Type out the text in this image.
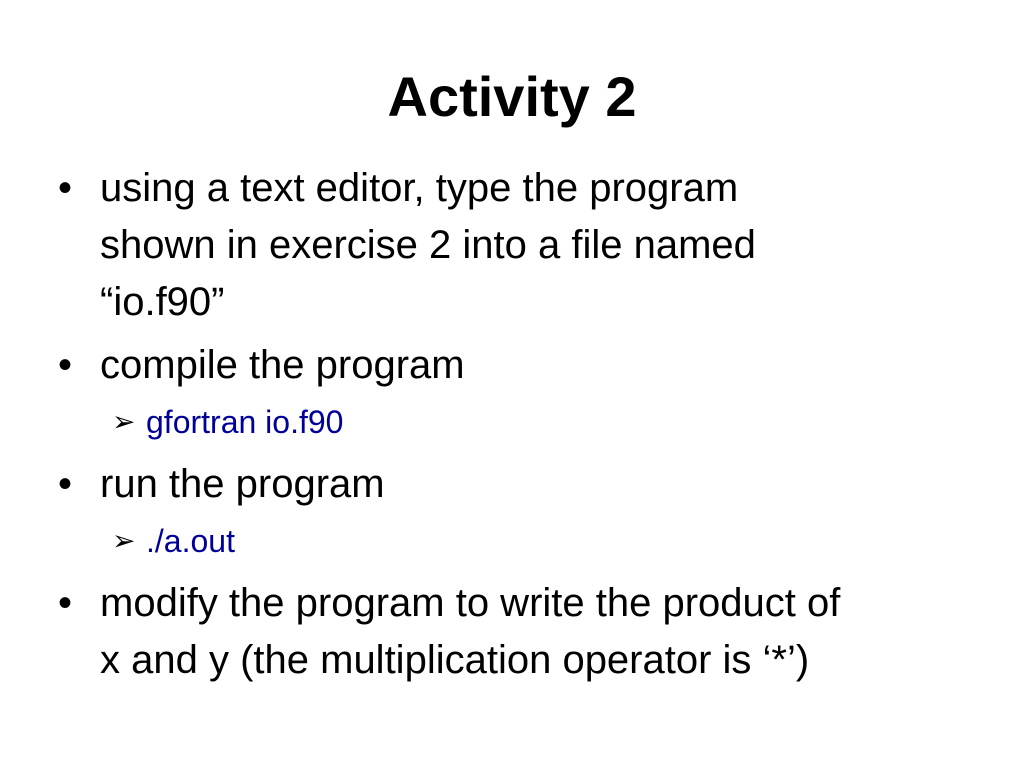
Activity 2
• using a text editor, type the program
shown in exercise 2 into a file named
“io.f90”
• compile the program
➢ gfortran io.f90
• run the program
➢ ./a.out
• modify the program to write the product of
x and y (the multiplication operator is ‘*’)
